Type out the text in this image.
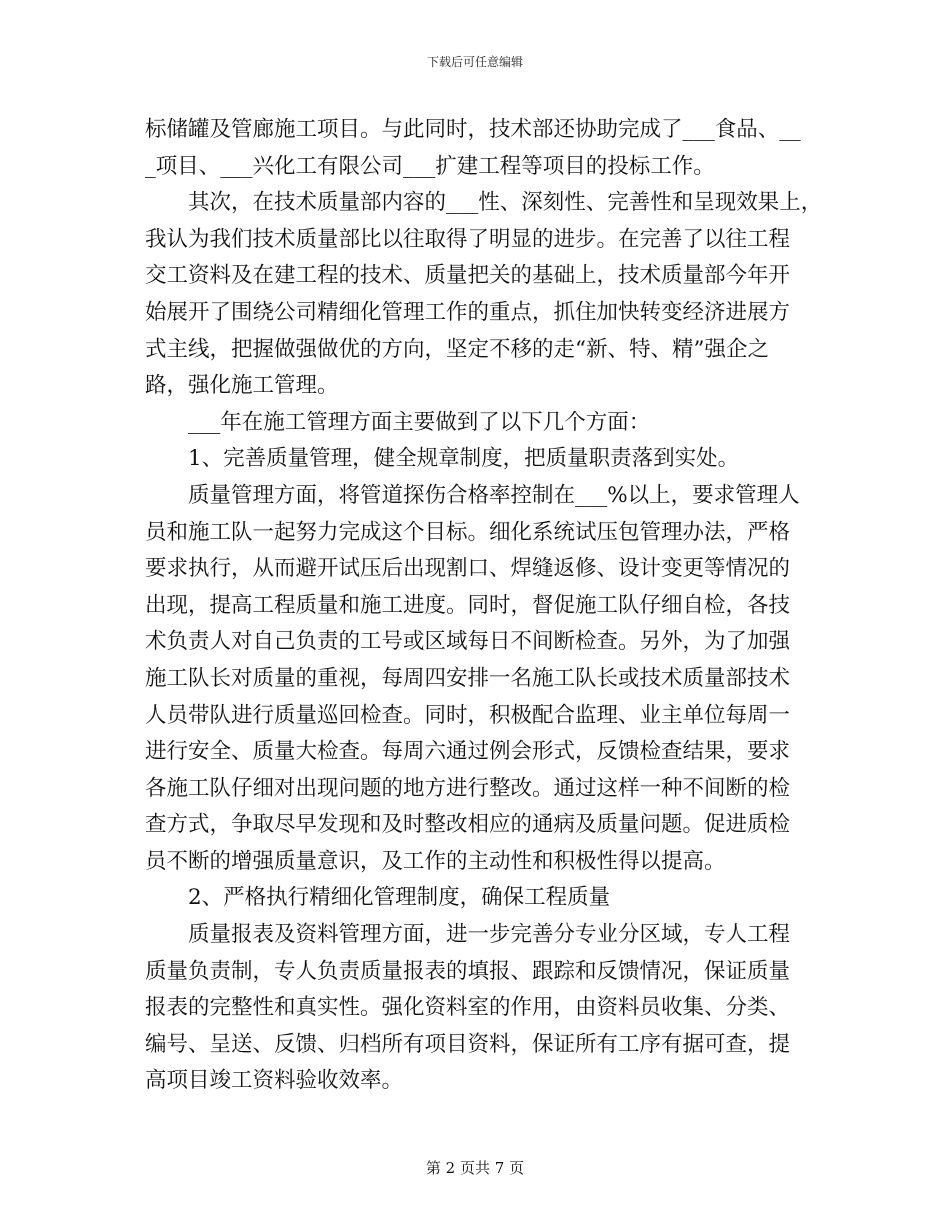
下载后可任意编辑
标储罐及管廊施工项目。与此同时，技术部还协助完成了___食品、__
_项目、___兴化工有限公司___扩建工程等项目的投标工作。
　　其次，在技术质量部内容的___性、深刻性、完善性和呈现效果上，
我认为我们技术质量部比以往取得了明显的进步。在完善了以往工程
交工资料及在建工程的技术、质量把关的基础上，技术质量部今年开
始展开了围绕公司精细化管理工作的重点，抓住加快转变经济进展方
式主线，把握做强做优的方向，坚定不移的走“新、特、精”强企之
路，强化施工管理。
　　___年在施工管理方面主要做到了以下几个方面：
　　1、完善质量管理，健全规章制度，把质量职责落到实处。
　　质量管理方面，将管道探伤合格率控制在___%以上，要求管理人
员和施工队一起努力完成这个目标。细化系统试压包管理办法，严格
要求执行，从而避开试压后出现割口、焊缝返修、设计变更等情况的
出现，提高工程质量和施工进度。同时，督促施工队仔细自检，各技
术负责人对自己负责的工号或区域每日不间断检查。另外，为了加强
施工队长对质量的重视，每周四安排一名施工队长或技术质量部技术
人员带队进行质量巡回检查。同时，积极配合监理、业主单位每周一
进行安全、质量大检查。每周六通过例会形式，反馈检查结果，要求
各施工队仔细对出现问题的地方进行整改。通过这样一种不间断的检
查方式，争取尽早发现和及时整改相应的通病及质量问题。促进质检
员不断的增强质量意识，及工作的主动性和积极性得以提高。
　　2、严格执行精细化管理制度，确保工程质量
　　质量报表及资料管理方面，进一步完善分专业分区域，专人工程
质量负责制，专人负责质量报表的填报、跟踪和反馈情况，保证质量
报表的完整性和真实性。强化资料室的作用，由资料员收集、分类、
编号、呈送、反馈、归档所有项目资料，保证所有工序有据可查，提
高项目竣工资料验收效率。
第 2 页共 7 页
